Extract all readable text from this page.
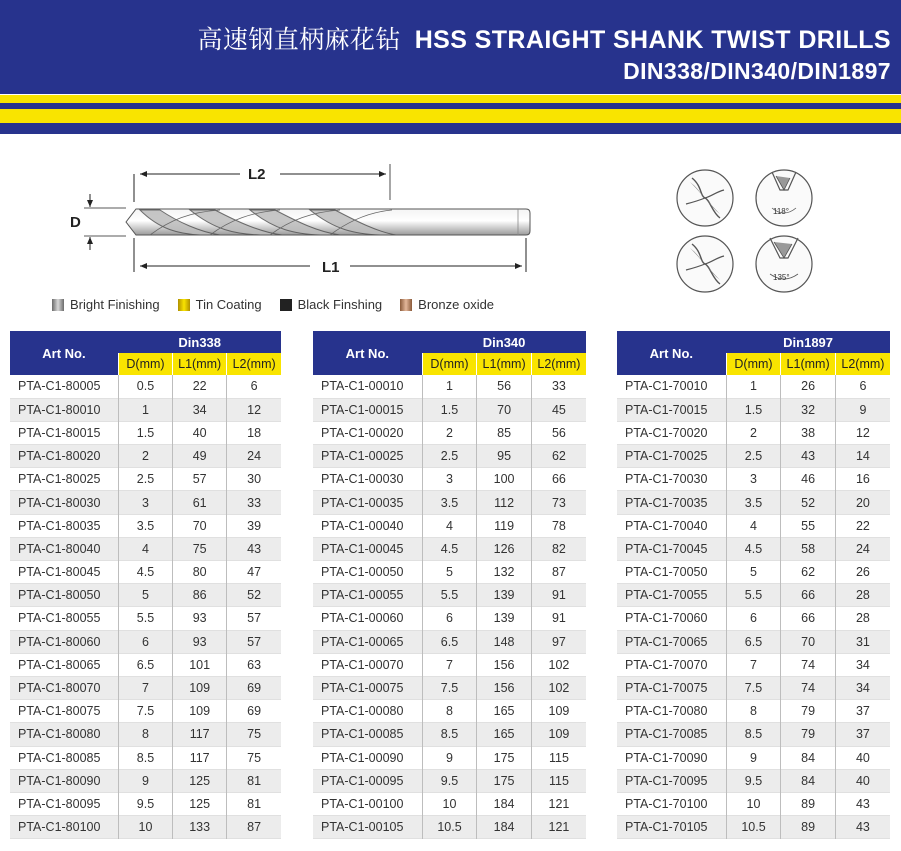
高速钢直柄麻花钻 HSS STRAIGHT SHANK TWIST DRILLS
DIN338/DIN340/DIN1897
L2
L1
D
118°
135°
Bright Finishing	Tin Coating	Black Finshing	Bronze oxide
Art No.	Din338		
	D(mm)	L1(mm)	L2(mm)
PTA-C1-80005	0.5	22	6
PTA-C1-80010	1	34	12
PTA-C1-80015	1.5	40	18
PTA-C1-80020	2	49	24
PTA-C1-80025	2.5	57	30
PTA-C1-80030	3	61	33
PTA-C1-80035	3.5	70	39
PTA-C1-80040	4	75	43
PTA-C1-80045	4.5	80	47
PTA-C1-80050	5	86	52
PTA-C1-80055	5.5	93	57
PTA-C1-80060	6	93	57
PTA-C1-80065	6.5	101	63
PTA-C1-80070	7	109	69
PTA-C1-80075	7.5	109	69
PTA-C1-80080	8	117	75
PTA-C1-80085	8.5	117	75
PTA-C1-80090	9	125	81
PTA-C1-80095	9.5	125	81
PTA-C1-80100	10	133	87
Art No.	Din340		
	D(mm)	L1(mm)	L2(mm)
PTA-C1-00010	1	56	33
PTA-C1-00015	1.5	70	45
PTA-C1-00020	2	85	56
PTA-C1-00025	2.5	95	62
PTA-C1-00030	3	100	66
PTA-C1-00035	3.5	112	73
PTA-C1-00040	4	119	78
PTA-C1-00045	4.5	126	82
PTA-C1-00050	5	132	87
PTA-C1-00055	5.5	139	91
PTA-C1-00060	6	139	91
PTA-C1-00065	6.5	148	97
PTA-C1-00070	7	156	102
PTA-C1-00075	7.5	156	102
PTA-C1-00080	8	165	109
PTA-C1-00085	8.5	165	109
PTA-C1-00090	9	175	115
PTA-C1-00095	9.5	175	115
PTA-C1-00100	10	184	121
PTA-C1-00105	10.5	184	121
Art No.	Din1897		
	D(mm)	L1(mm)	L2(mm)
PTA-C1-70010	1	26	6
PTA-C1-70015	1.5	32	9
PTA-C1-70020	2	38	12
PTA-C1-70025	2.5	43	14
PTA-C1-70030	3	46	16
PTA-C1-70035	3.5	52	20
PTA-C1-70040	4	55	22
PTA-C1-70045	4.5	58	24
PTA-C1-70050	5	62	26
PTA-C1-70055	5.5	66	28
PTA-C1-70060	6	66	28
PTA-C1-70065	6.5	70	31
PTA-C1-70070	7	74	34
PTA-C1-70075	7.5	74	34
PTA-C1-70080	8	79	37
PTA-C1-70085	8.5	79	37
PTA-C1-70090	9	84	40
PTA-C1-70095	9.5	84	40
PTA-C1-70100	10	89	43
PTA-C1-70105	10.5	89	43
